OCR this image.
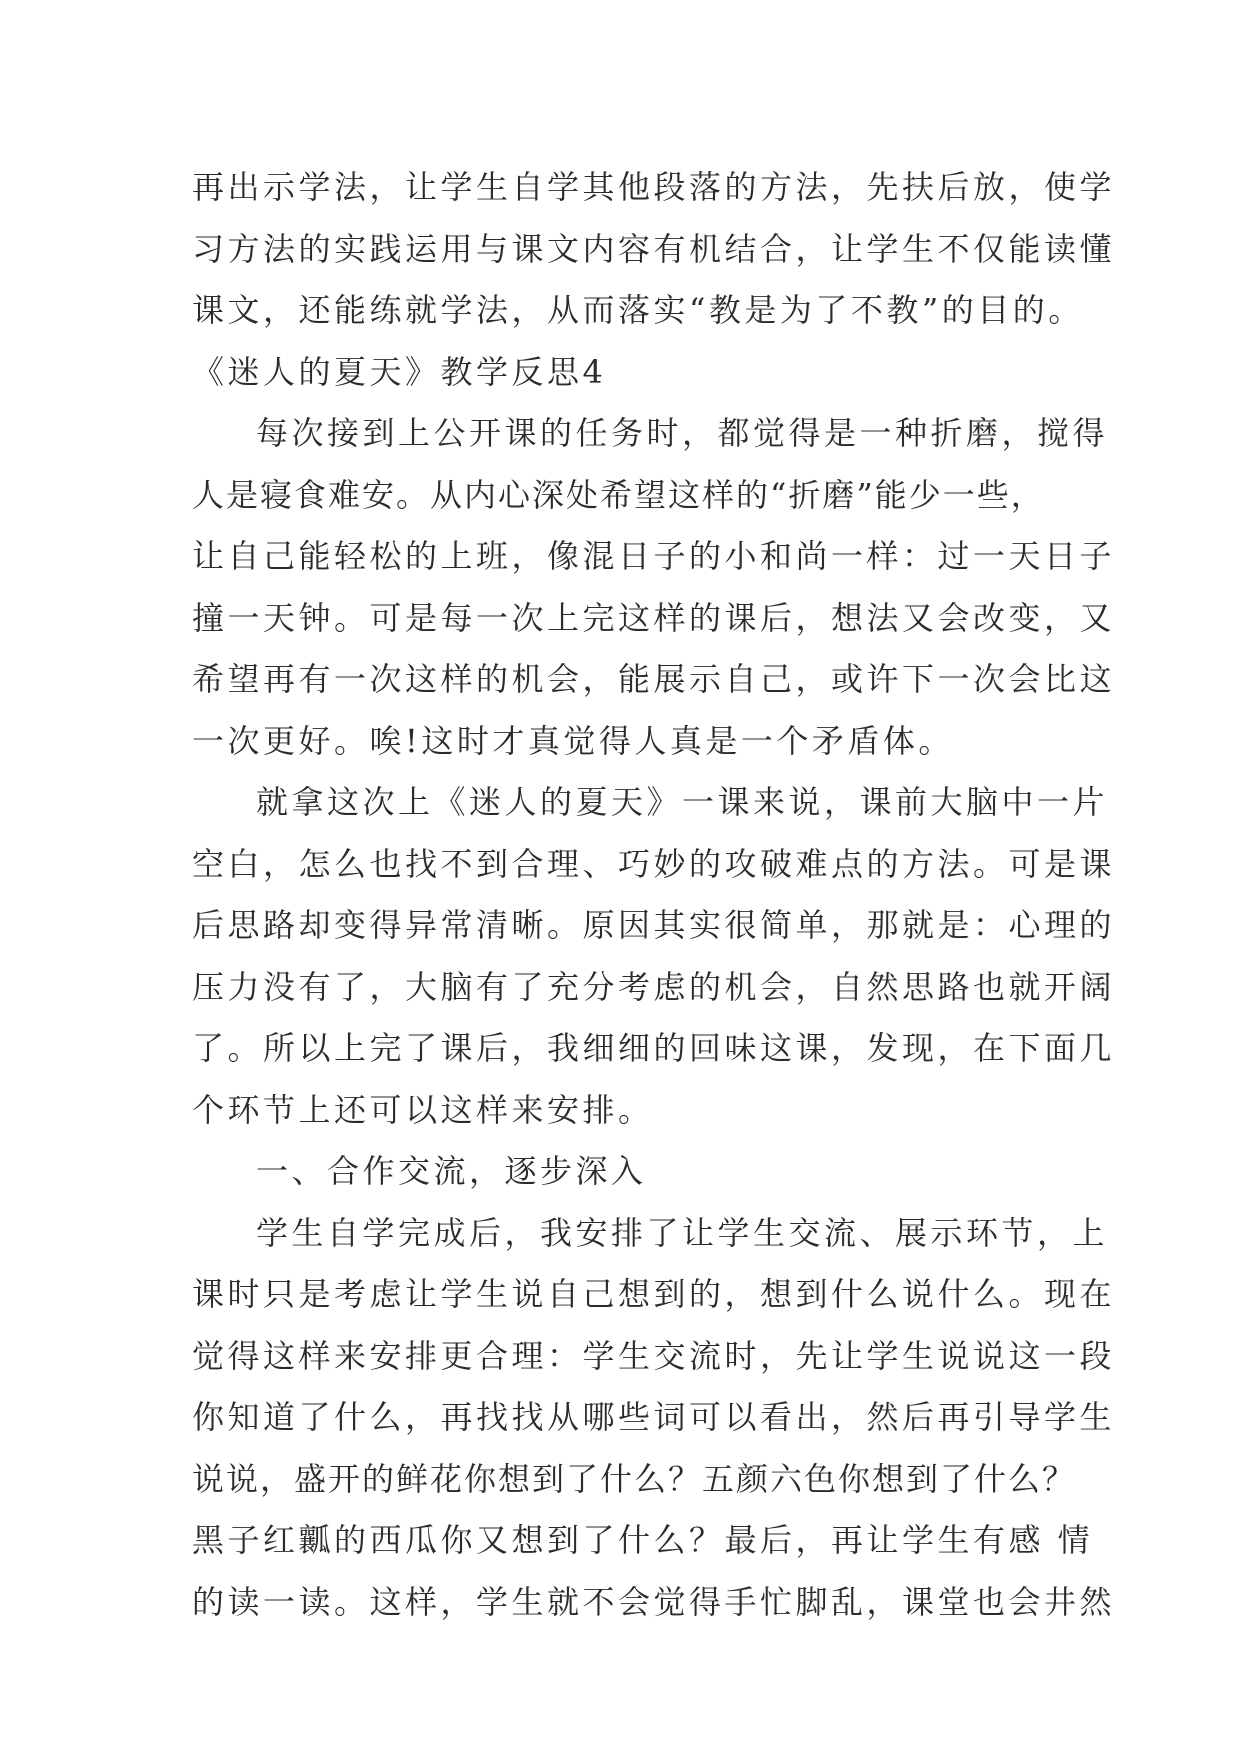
再出示学法，让学生自学其他段落的方法，先扶后放，使学
习方法的实践运用与课文内容有机结合，让学生不仅能读懂
课文，还能练就学法，从而落实“教是为了不教”的目的。
《迷人的夏天》教学反思4
每次接到上公开课的任务时，都觉得是一种折磨，搅得
人是寝食难安。从内心深处希望这样的“折磨”能少一些，
让自己能轻松的上班，像混日子的小和尚一样：过一天日子
撞一天钟。可是每一次上完这样的课后，想法又会改变，又
希望再有一次这样的机会，能展示自己，或许下一次会比这
一次更好。唉!这时才真觉得人真是一个矛盾体。
就拿这次上《迷人的夏天》一课来说，课前大脑中一片
空白，怎么也找不到合理、巧妙的攻破难点的方法。可是课
后思路却变得异常清晰。原因其实很简单，那就是：心理的
压力没有了，大脑有了充分考虑的机会，自然思路也就开阔
了。所以上完了课后，我细细的回味这课，发现，在下面几
个环节上还可以这样来安排。
一、合作交流，逐步深入
学生自学完成后，我安排了让学生交流、展示环节，上
课时只是考虑让学生说自己想到的，想到什么说什么。现在
觉得这样来安排更合理：学生交流时，先让学生说说这一段
你知道了什么，再找找从哪些词可以看出，然后再引导学生
说说，盛开的鲜花你想到了什么？五颜六色你想到了什么？
黑子红瓤的西瓜你又想到了什么？最后，再让学生有感 情
的读一读。这样，学生就不会觉得手忙脚乱，课堂也会井然
